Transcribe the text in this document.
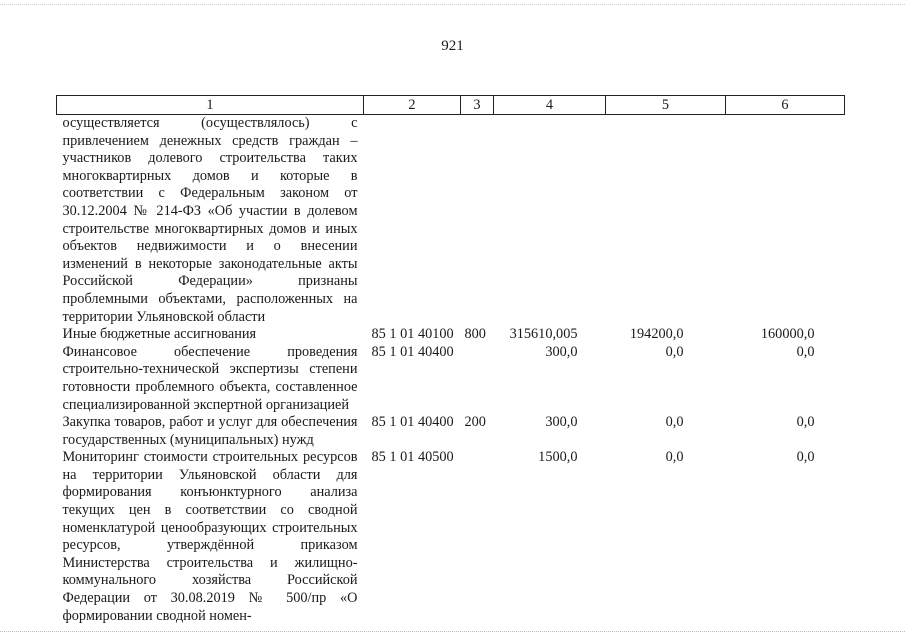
921
1	2	3	4	5	6
осуществляется (осуществлялось) с привлечением денежных средств граждан – участников долевого строительства таких многоквартирных домов и которые в соответствии с Федеральным законом от 30.12.2004 № 214-ФЗ «Об участии в долевом строительстве многоквартирных домов и иных объектов недвижимости и о внесении изменений в некоторые законодательные акты Российской Федерации» признаны проблемными объектами, расположенных на территории Ульяновской области					
Иные бюджетные ассигнования	85 1 01 40100	800	315610,005	194200,0	160000,0
Финансовое обеспечение проведения строительно-технической экспертизы степени готовности проблемного объекта, составленное специализированной экспертной организацией	85 1 01 40400		300,0	0,0	0,0
Закупка товаров, работ и услуг для обеспечения государственных (муниципальных) нужд	85 1 01 40400	200	300,0	0,0	0,0
Мониторинг стоимости строительных ресурсов на территории Ульяновской области для формирования конъюнктурного анализа текущих цен в соответствии со сводной номенклатурой ценообразующих строительных ресурсов, утверждённой приказом Министерства строительства и жилищно-коммунального хозяйства Российской Федерации от 30.08.2019 № 500/пр «О формировании сводной номен-	85 1 01 40500		1500,0	0,0	0,0
